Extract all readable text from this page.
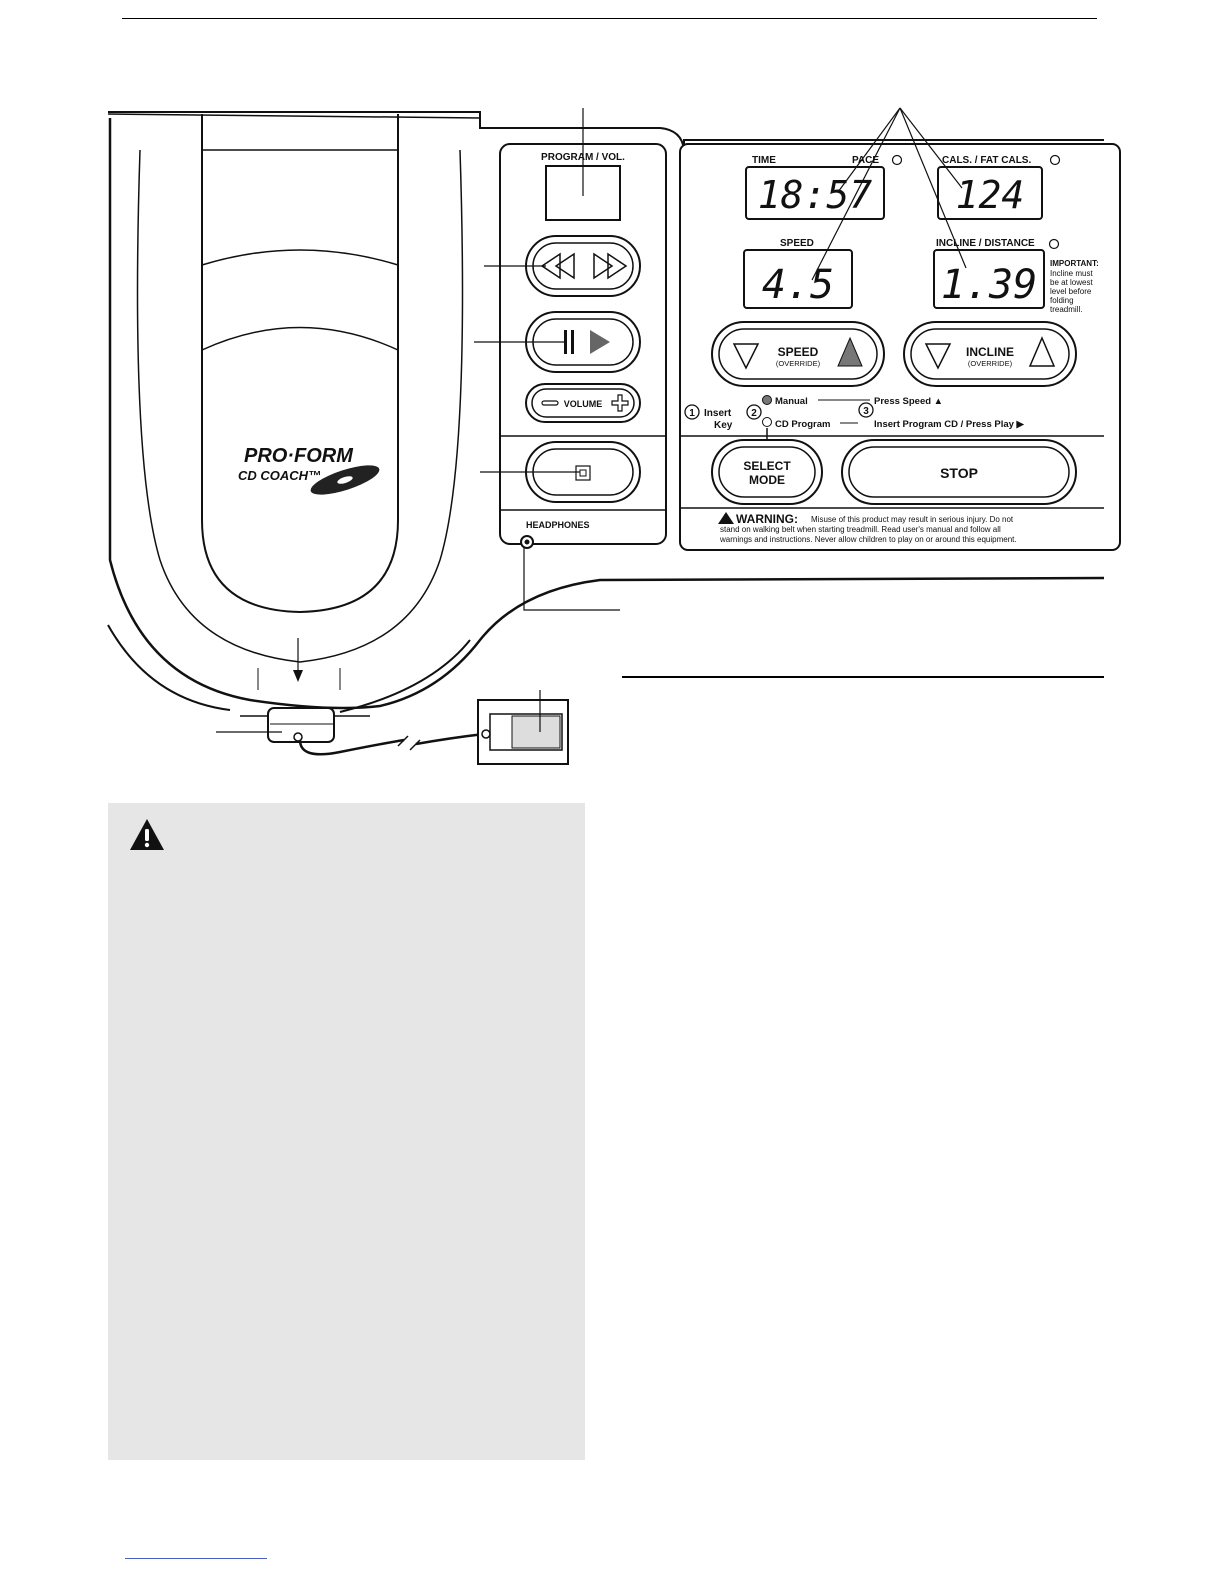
PRO·FORM
CD COACH™
PROGRAM / VOL.
VOLUME
HEADPHONES
TIME	PACE	CALS. / FAT CALS.
18:57 124
SPEED	INCLINE / DISTANCE
4.5	1.39 IMPORTANT:
Incline must
be at lowest
level before
folding
treadmill.
SPEED
(OVERRIDE)
INCLINE
(OVERRIDE)
1 Insert
Key
2
Manual
CD Program
3
Press Speed ▲
Insert Program CD / Press Play ▶
SELECT
MODE	STOP
WARNING: Misuse of this product may result in serious injury. Do not
stand on walking belt when starting treadmill. Read user's manual and follow all
warnings and instructions. Never allow children to play on or around this equipment.
